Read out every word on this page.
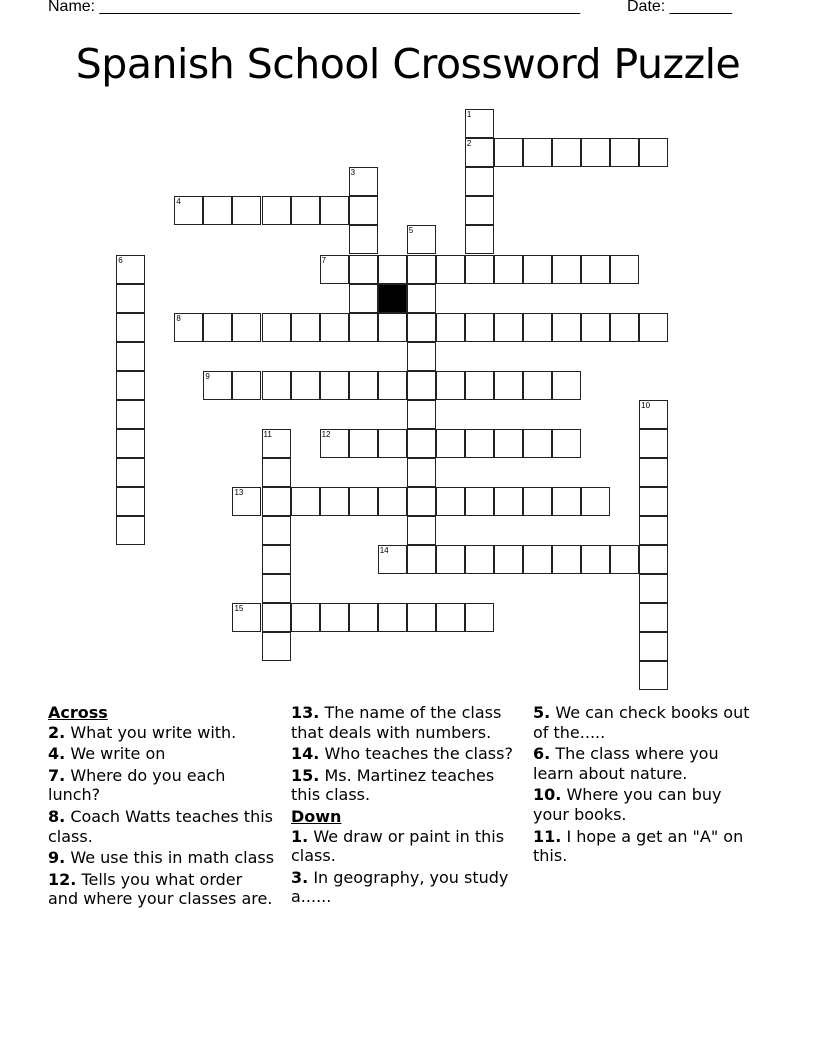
Name: ______________________________________________________	Date: _______
Spanish School Crossword Puzzle
1
2
3
4
5
6	7
8
9
10
11	12
13
14
15
Across

2. What you write with.

4. We write on

7. Where do you each lunch?

8. Coach Watts teaches this class.

9. We use this in math class

12. Tells you what order and where your classes are.

13. The name of the class that deals with numbers.

14. Who teaches the class?

15. Ms. Martinez teaches this class.

Down

1. We draw or paint in this class.

3. In geography, you study a......

5. We can check books out of the.....

6. The class where you learn about nature.

10. Where you can buy your books.

11. I hope a get an "A" on this.
